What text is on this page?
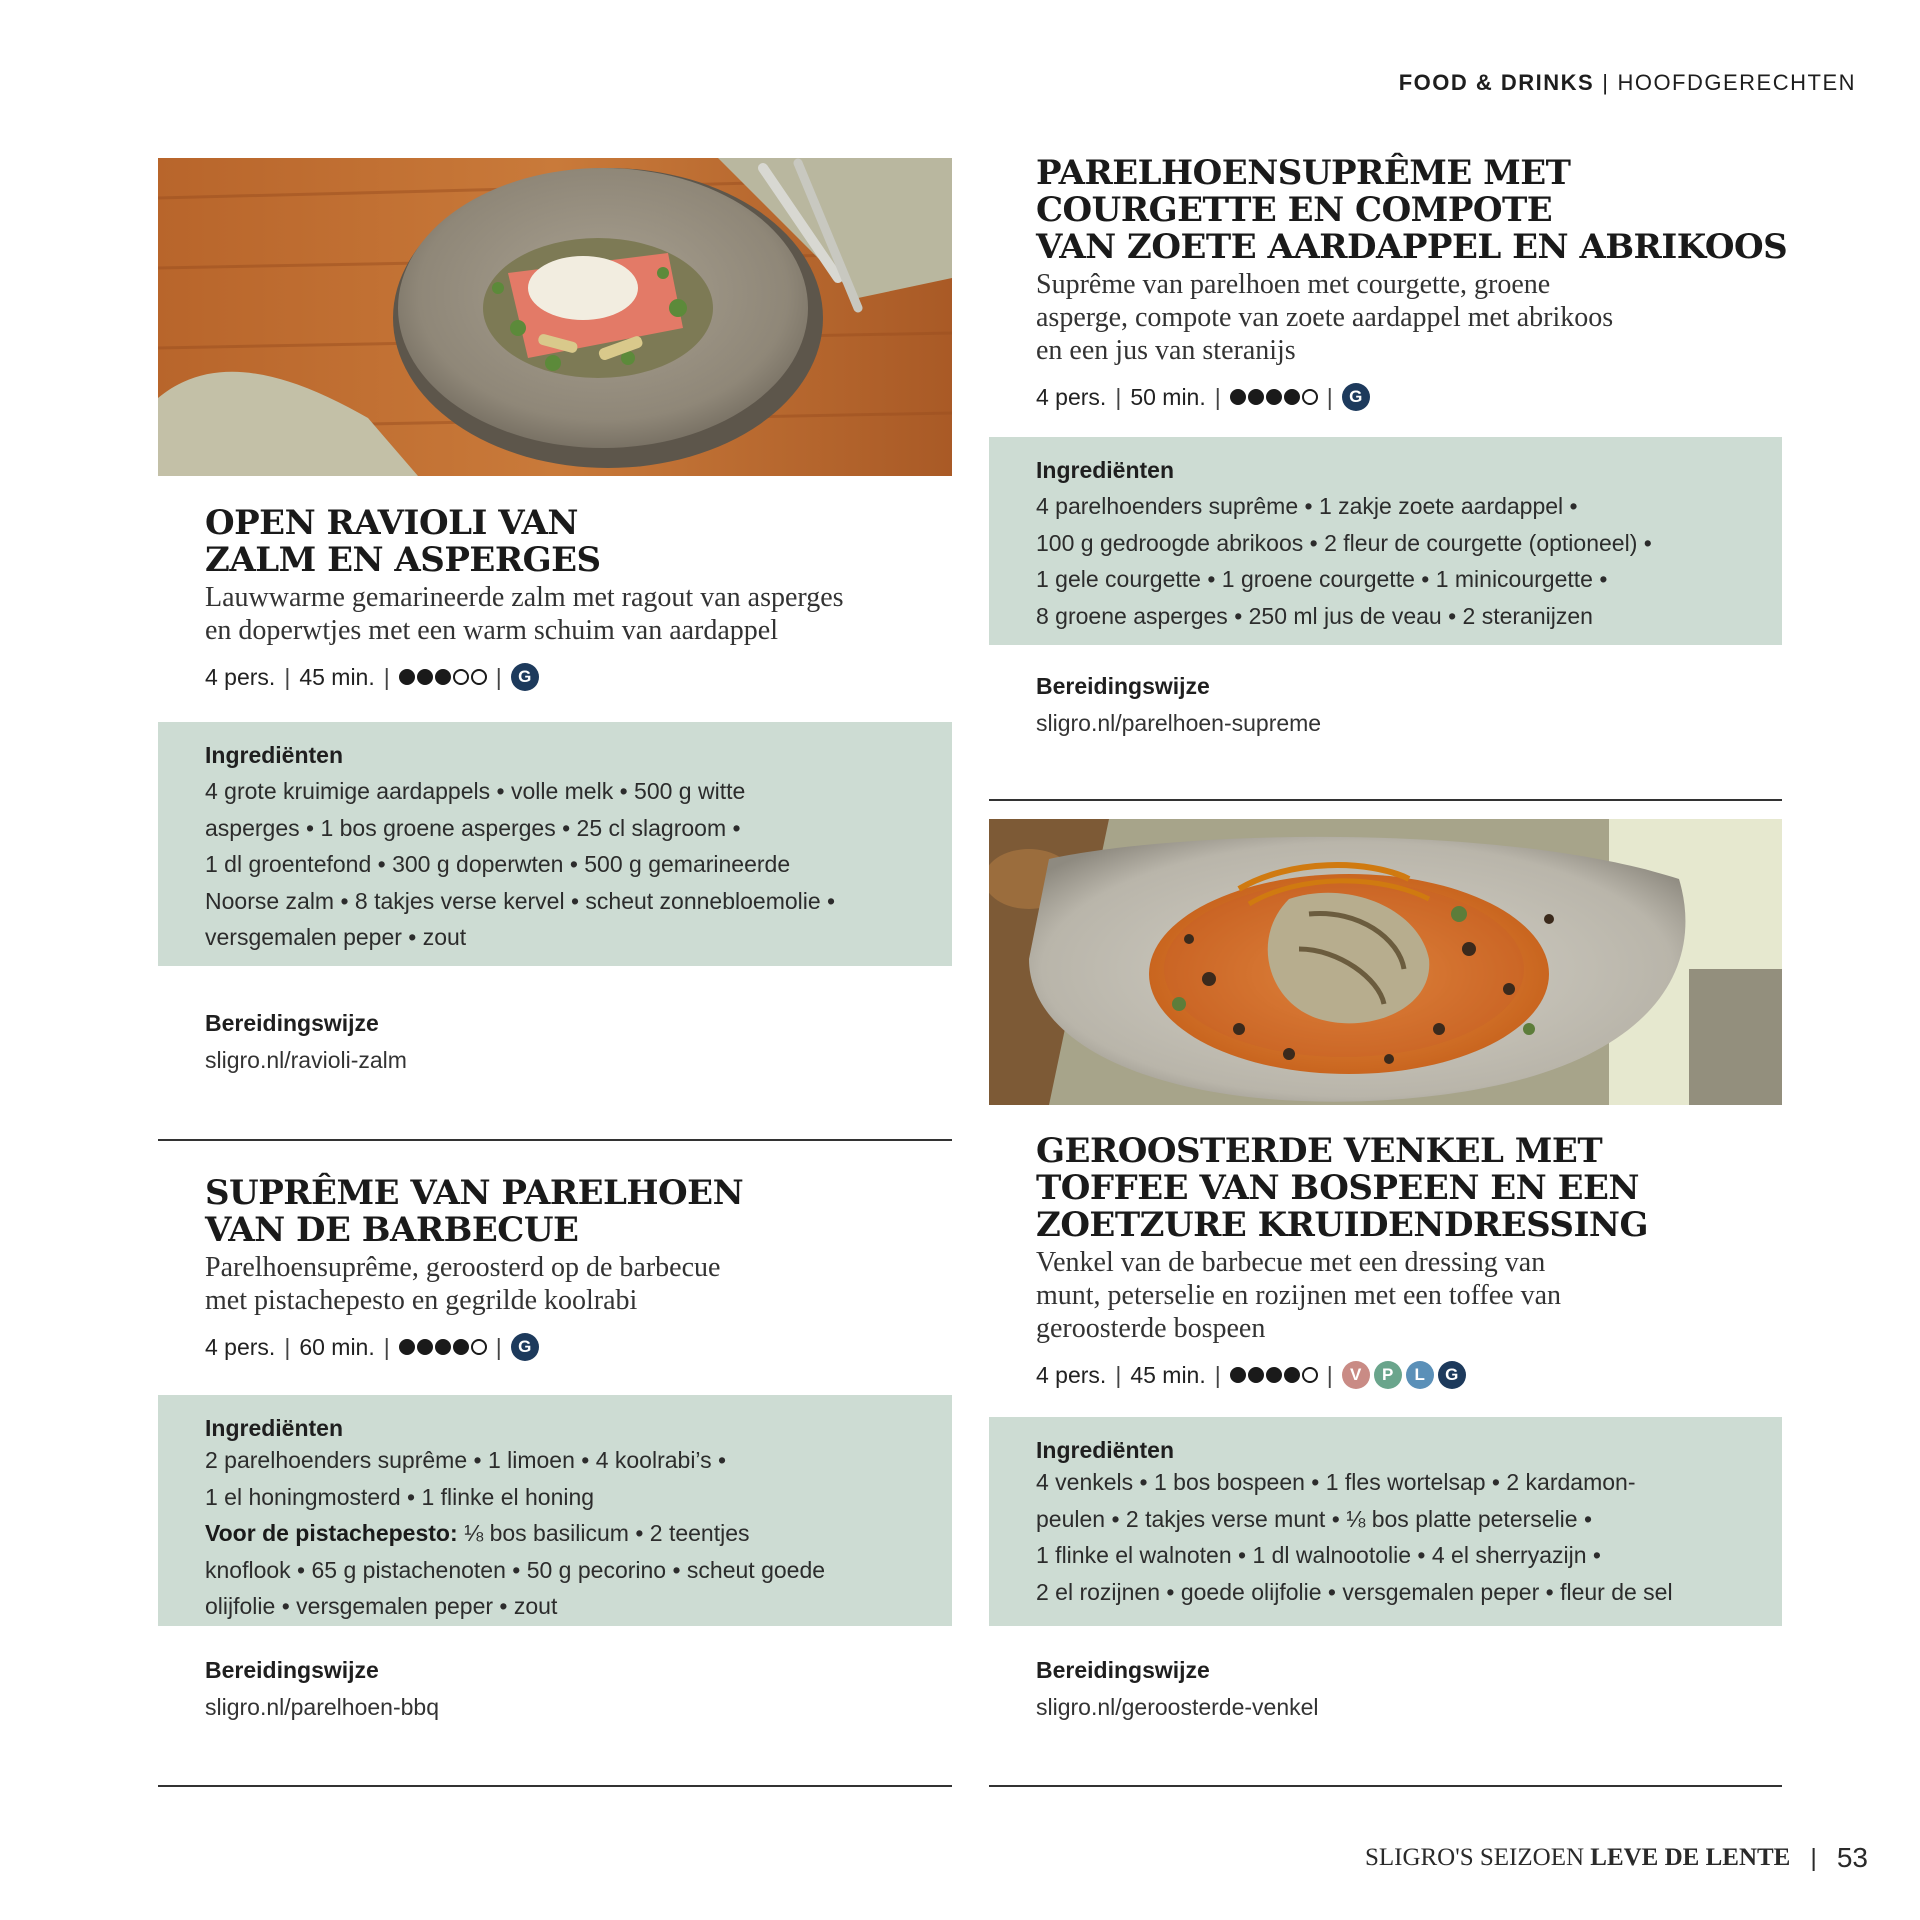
FOOD & DRINKS | HOOFDGERECHTEN
OPEN RAVIOLI VAN
ZALM EN ASPERGES
Lauwwarme gemarineerde zalm met ragout van asperges
en doperwtjes met een warm schuim van aardappel
4 pers. | 45 min. |	| G
Ingrediënten
4 grote kruimige aardappels • volle melk • 500 g witte
asperges • 1 bos groene asperges • 25 cl slagroom •
1 dl groentefond • 300 g doperwten • 500 g gemarineerde
Noorse zalm • 8 takjes verse kervel • scheut zonnebloemolie •
versgemalen peper • zout
Bereidingswijze
sligro.nl/ravioli-zalm
SUPRÊME VAN PARELHOEN
VAN DE BARBECUE
Parelhoensuprême, geroosterd op de barbecue
met pistachepesto en gegrilde koolrabi
4 pers. | 60 min. |	| G
Ingrediënten
2 parelhoenders suprême • 1 limoen • 4 koolrabi’s •
1 el honingmosterd • 1 flinke el honing
Voor de pistachepesto: ⅛ bos basilicum • 2 teentjes
knoflook • 65 g pistachenoten • 50 g pecorino • scheut goede
olijfolie • versgemalen peper • zout
Bereidingswijze
sligro.nl/parelhoen-bbq
PARELHOENSUPRÊME MET
COURGETTE EN COMPOTE
VAN ZOETE AARDAPPEL EN ABRIKOOS
Suprême van parelhoen met courgette, groene
asperge, compote van zoete aardappel met abrikoos
en een jus van steranijs
4 pers. | 50 min. |	| G
Ingrediënten
4 parelhoenders suprême • 1 zakje zoete aardappel •
100 g gedroogde abrikoos • 2 fleur de courgette (optioneel) •
1 gele courgette • 1 groene courgette • 1 minicourgette •
8 groene asperges • 250 ml jus de veau • 2 steranijzen
Bereidingswijze
sligro.nl/parelhoen-supreme
GEROOSTERDE VENKEL MET
TOFFEE VAN BOSPEEN EN EEN
ZOETZURE KRUIDENDRESSING
Venkel van de barbecue met een dressing van
munt, peterselie en rozijnen met een toffee van
geroosterde bospeen
4 pers. | 45 min. |	|	V	P	L	G
Ingrediënten
4 venkels • 1 bos bospeen • 1 fles wortelsap • 2 kardamon-
peulen • 2 takjes verse munt • ⅛ bos platte peterselie •
1 flinke el walnoten • 1 dl walnootolie • 4 el sherryazijn •
2 el rozijnen • goede olijfolie • versgemalen peper • fleur de sel
Bereidingswijze
sligro.nl/geroosterde-venkel
SLIGRO'S SEIZOEN
LEVE DE LENTE | 53
